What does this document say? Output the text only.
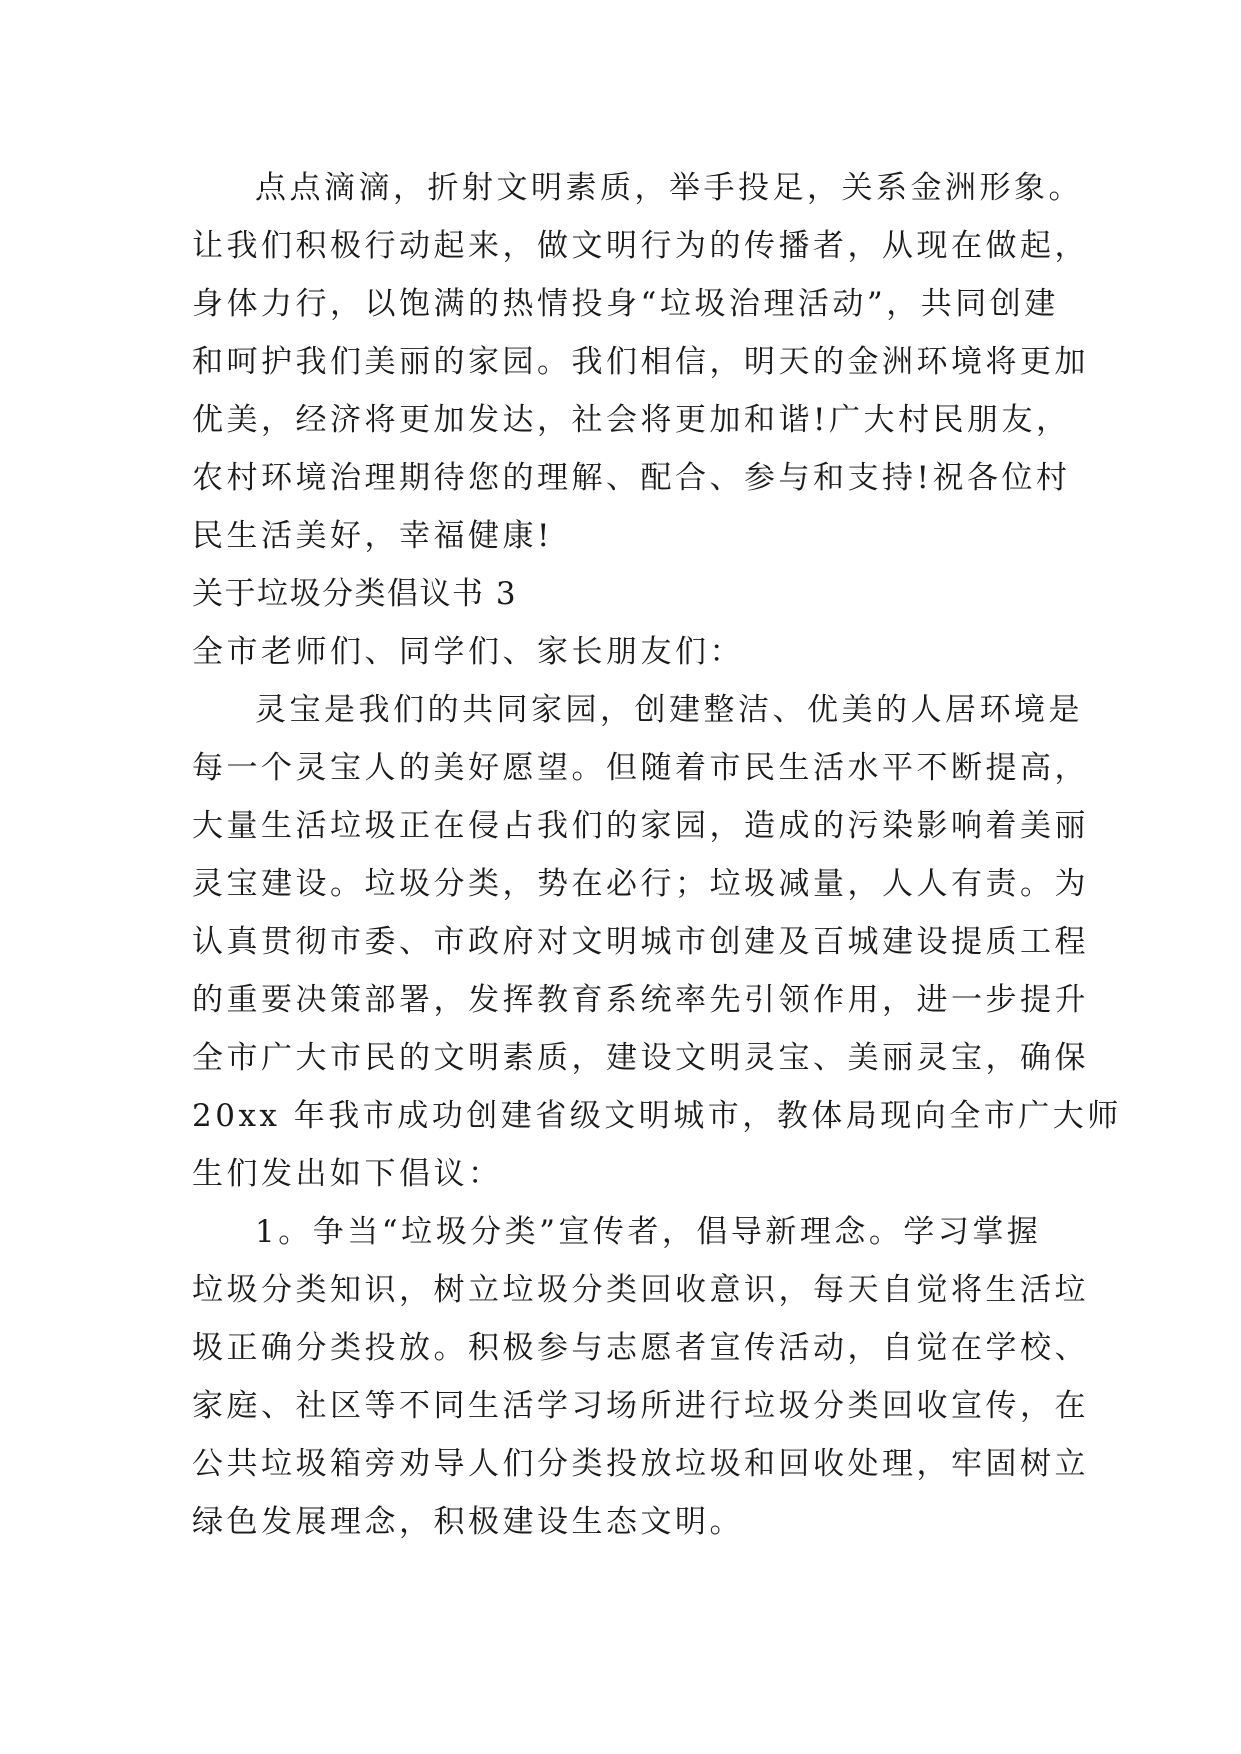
点点滴滴，折射文明素质，举手投足，关系金洲形象。
让我们积极行动起来，做文明行为的传播者，从现在做起，
身体力行，以饱满的热情投身“垃圾治理活动”，共同创建
和呵护我们美丽的家园。我们相信，明天的金洲环境将更加
优美，经济将更加发达，社会将更加和谐!广大村民朋友，
农村环境治理期待您的理解、配合、参与和支持!祝各位村
民生活美好，幸福健康!
关于垃圾分类倡议书 3
全市老师们、同学们、家长朋友们：
灵宝是我们的共同家园，创建整洁、优美的人居环境是
每一个灵宝人的美好愿望。但随着市民生活水平不断提高，
大量生活垃圾正在侵占我们的家园，造成的污染影响着美丽
灵宝建设。垃圾分类，势在必行；垃圾减量，人人有责。为
认真贯彻市委、市政府对文明城市创建及百城建设提质工程
的重要决策部署，发挥教育系统率先引领作用，进一步提升
全市广大市民的文明素质，建设文明灵宝、美丽灵宝，确保
20xx 年我市成功创建省级文明城市，教体局现向全市广大师
生们发出如下倡议：
1。争当“垃圾分类”宣传者，倡导新理念。学习掌握
垃圾分类知识，树立垃圾分类回收意识，每天自觉将生活垃
圾正确分类投放。积极参与志愿者宣传活动，自觉在学校、
家庭、社区等不同生活学习场所进行垃圾分类回收宣传，在
公共垃圾箱旁劝导人们分类投放垃圾和回收处理，牢固树立
绿色发展理念，积极建设生态文明。
